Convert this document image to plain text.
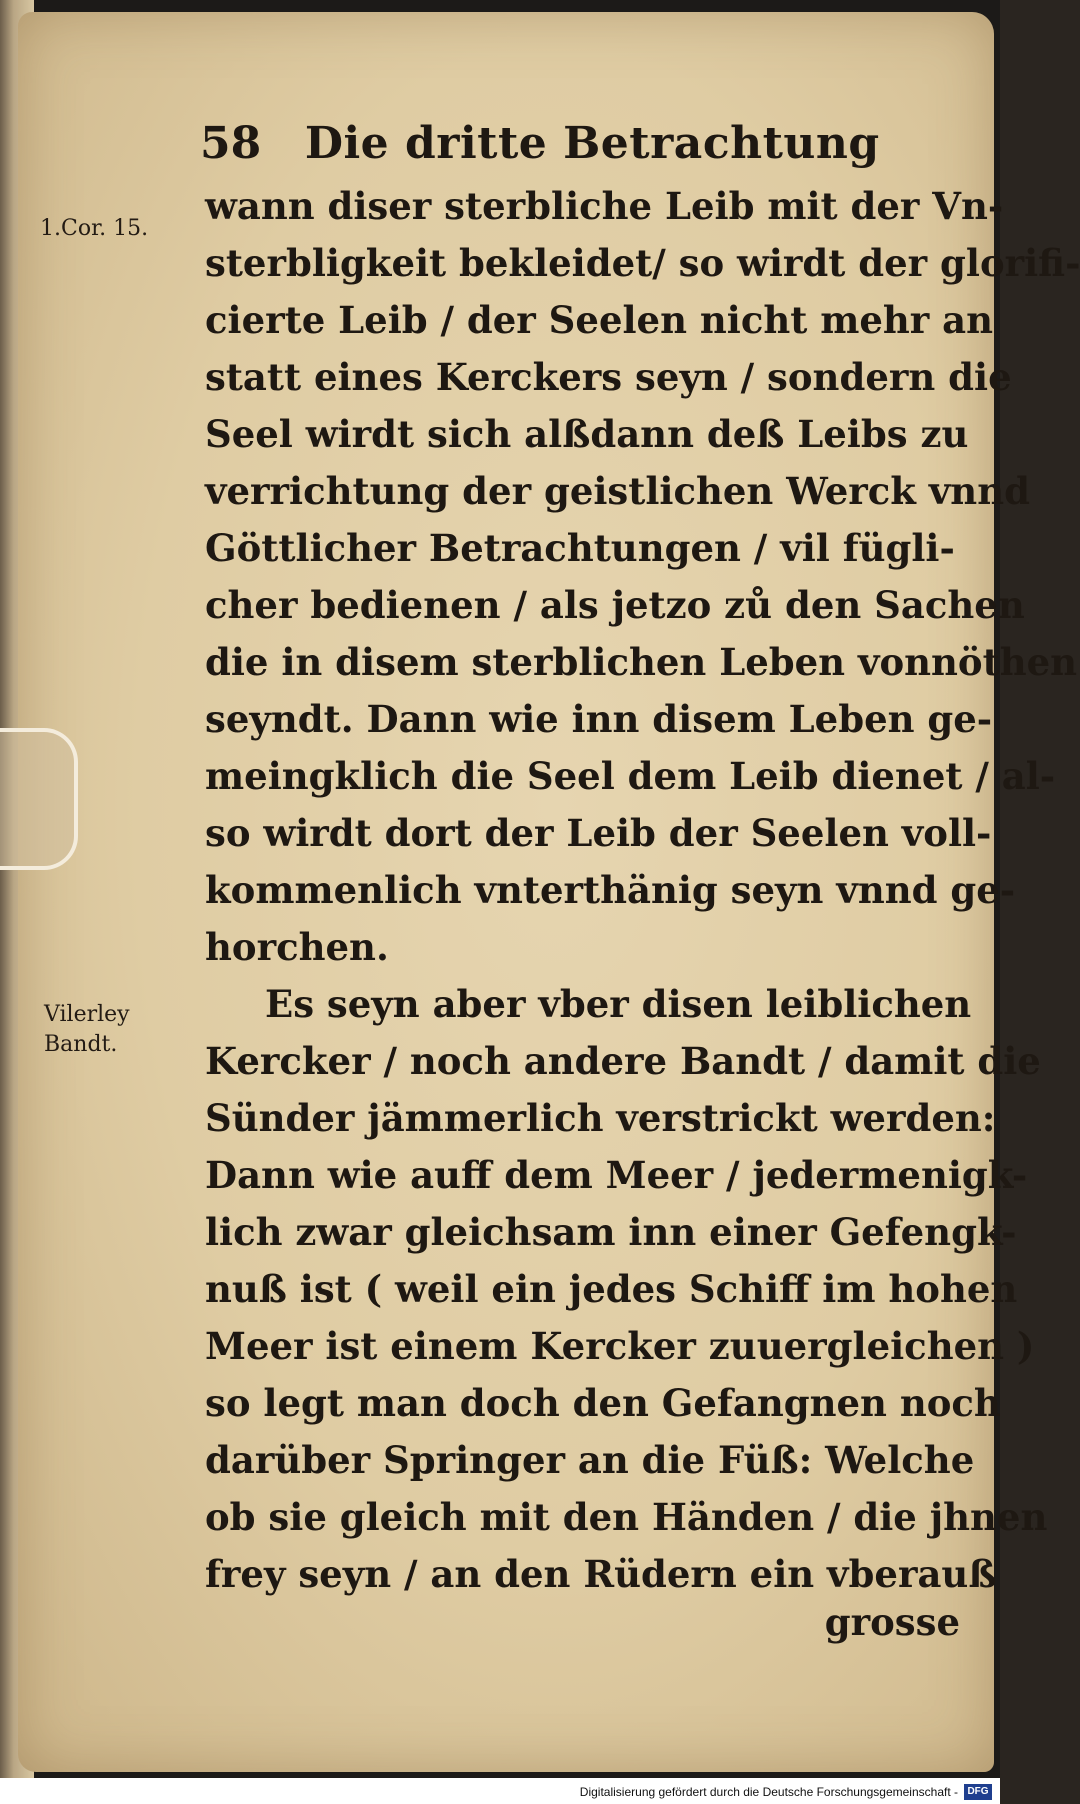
58 Die dritte Betrachtung
1.Cor. 15.
Vilerley
Bandt.
wann diser sterbliche Leib mit der Vn-
sterbligkeit bekleidet/ so wirdt der glorifi-
cierte Leib / der Seelen nicht mehr an
statt eines Kerckers seyn / sondern die
Seel wirdt sich alßdann deß Leibs zu
verrichtung der geistlichen Werck vnnd
Göttlicher Betrachtungen / vil fügli-
cher bedienen / als jetzo zů den Sachen
die in disem sterblichen Leben vonnöthen
seyndt. Dann wie inn disem Leben ge-
meingklich die Seel dem Leib dienet / al-
so wirdt dort der Leib der Seelen voll-
kommenlich vnterthänig seyn vnnd ge-
horchen.
Es seyn aber vber disen leiblichen
Kercker / noch andere Bandt / damit die
Sünder jämmerlich verstrickt werden:
Dann wie auff dem Meer / jedermenigk-
lich zwar gleichsam inn einer Gefengk-
nuß ist ( weil ein jedes Schiff im hohen
Meer ist einem Kercker zuuergleichen )
so legt man doch den Gefangnen noch
darüber Springer an die Füß: Welche
ob sie gleich mit den Händen / die jhnen
frey seyn / an den Rüdern ein vberauß
grosse
Digitalisierung gefördert durch die Deutsche Forschungsgemeinschaft - DFG
